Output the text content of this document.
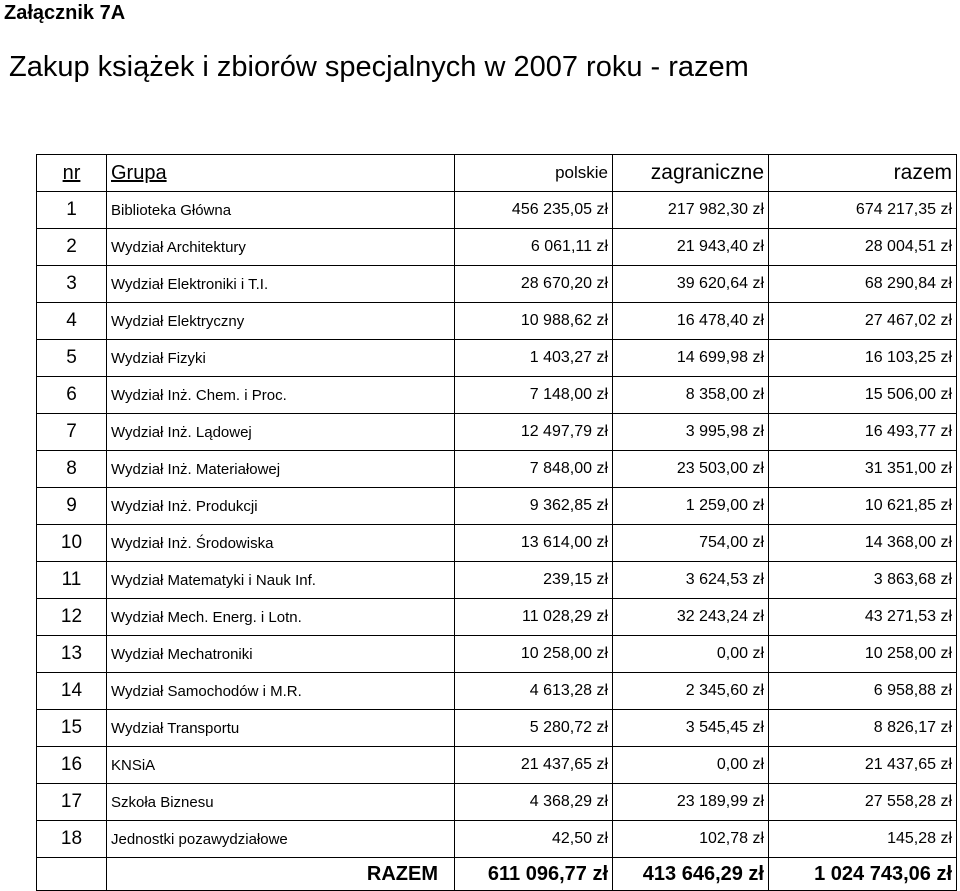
Załącznik 7A
Zakup książek i zbiorów specjalnych w 2007 roku - razem
nr	Grupa	polskie	zagraniczne	razem
1	Biblioteka Główna	456 235,05 zł	217 982,30 zł	674 217,35 zł
2	Wydział Architektury	6 061,11 zł	21 943,40 zł	28 004,51 zł
3	Wydział Elektroniki i T.I.	28 670,20 zł	39 620,64 zł	68 290,84 zł
4	Wydział Elektryczny	10 988,62 zł	16 478,40 zł	27 467,02 zł
5	Wydział Fizyki	1 403,27 zł	14 699,98 zł	16 103,25 zł
6	Wydział Inż. Chem. i Proc.	7 148,00 zł	8 358,00 zł	15 506,00 zł
7	Wydział Inż. Lądowej	12 497,79 zł	3 995,98 zł	16 493,77 zł
8	Wydział Inż. Materiałowej	7 848,00 zł	23 503,00 zł	31 351,00 zł
9	Wydział Inż. Produkcji	9 362,85 zł	1 259,00 zł	10 621,85 zł
10	Wydział Inż. Środowiska	13 614,00 zł	754,00 zł	14 368,00 zł
11	Wydział Matematyki i Nauk Inf.	239,15 zł	3 624,53 zł	3 863,68 zł
12	Wydział Mech. Energ. i Lotn.	11 028,29 zł	32 243,24 zł	43 271,53 zł
13	Wydział Mechatroniki	10 258,00 zł	0,00 zł	10 258,00 zł
14	Wydział Samochodów i M.R.	4 613,28 zł	2 345,60 zł	6 958,88 zł
15	Wydział Transportu	5 280,72 zł	3 545,45 zł	8 826,17 zł
16	KNSiA	21 437,65 zł	0,00 zł	21 437,65 zł
17	Szkoła Biznesu	4 368,29 zł	23 189,99 zł	27 558,28 zł
18	Jednostki pozawydziałowe	42,50 zł	102,78 zł	145,28 zł
	RAZEM	611 096,77 zł	413 646,29 zł	1 024 743,06 zł
